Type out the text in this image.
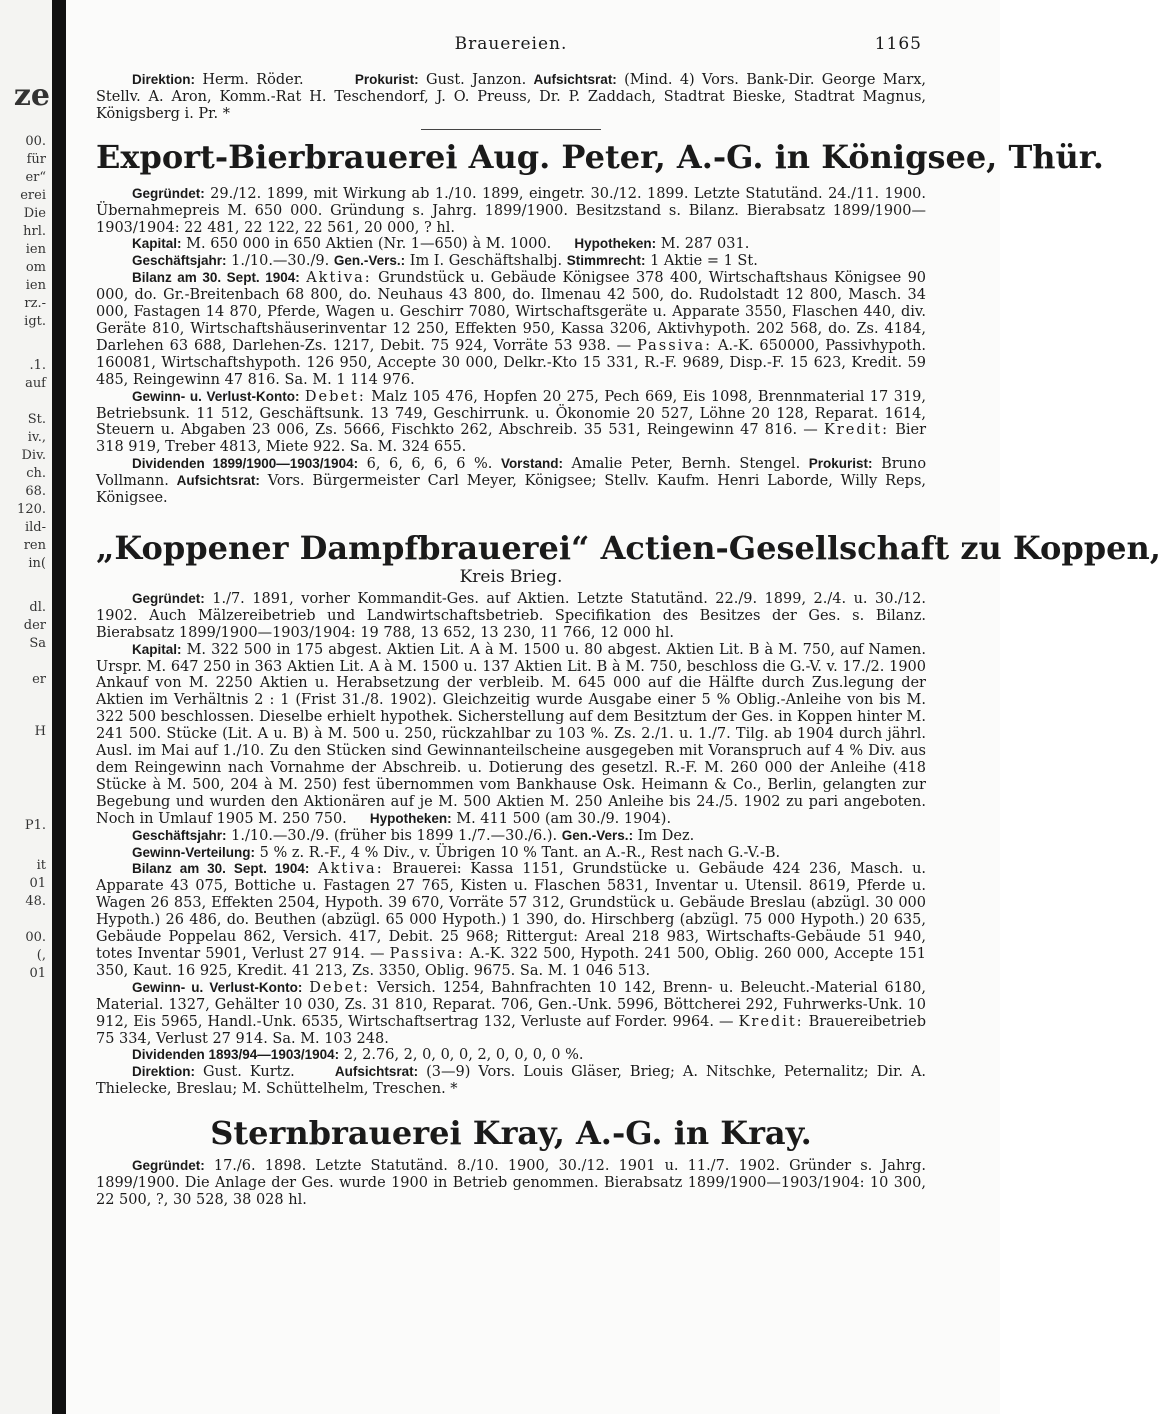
ze
00.
für
er“
erei
Die
hrl.
ien
om
ien
rz.-
igt.
.1.
auf
St.
iv.,
Div.
ch.
68.
120.
ild-
ren
in(
dl.
der
Sa
er
H
P1.
it
01
48.
00.
(,
01
Brauereien.	1165

Direktion: Herm. Röder.	Prokurist: Gust. Janzon. Aufsichtsrat: (Mind. 4) Vors. Bank-Dir. George Marx, Stellv. A. Aron, Komm.-Rat H. Teschendorf, J. O. Preuss, Dr. P. Zaddach, Stadtrat Bieske, Stadtrat Magnus, Königsberg i. Pr. *

Export-Bierbrauerei Aug. Peter, A.-G. in Königsee, Thür.

Gegründet: 29./12. 1899, mit Wirkung ab 1./10. 1899, eingetr. 30./12. 1899. Letzte Statutänd. 24./11. 1900. Übernahmepreis M. 650 000. Gründung s. Jahrg. 1899/1900. Besitzstand s. Bilanz. Bierabsatz 1899/1900—1903/1904: 22 481, 22 122, 22 561, 20 000, ? hl.

Kapital: M. 650 000 in 650 Aktien (Nr. 1—650) à M. 1000. Hypotheken: M. 287 031.

Geschäftsjahr: 1./10.—30./9. Gen.-Vers.: Im I. Geschäftshalbj. Stimmrecht: 1 Aktie = 1 St.

Bilanz am 30. Sept. 1904: Aktiva: Grundstück u. Gebäude Königsee 378 400, Wirtschaftshaus Königsee 90 000, do. Gr.-Breitenbach 68 800, do. Neuhaus 43 800, do. Ilmenau 42 500, do. Rudolstadt 12 800, Masch. 34 000, Fastagen 14 870, Pferde, Wagen u. Geschirr 7080, Wirtschaftsgeräte u. Apparate 3550, Flaschen 440, div. Geräte 810, Wirtschaftshäuserinventar 12 250, Effekten 950, Kassa 3206, Aktivhypoth. 202 568, do. Zs. 4184, Darlehen 63 688, Darlehen-Zs. 1217, Debit. 75 924, Vorräte 53 938. — Passiva: A.-K. 650000, Passivhypoth. 160081, Wirtschaftshypoth. 126 950, Accepte 30 000, Delkr.-Kto 15 331, R.-F. 9689, Disp.-F. 15 623, Kredit. 59 485, Reingewinn 47 816. Sa. M. 1 114 976.

Gewinn- u. Verlust-Konto: Debet: Malz 105 476, Hopfen 20 275, Pech 669, Eis 1098, Brennmaterial 17 319, Betriebsunk. 11 512, Geschäftsunk. 13 749, Geschirrunk. u. Ökonomie 20 527, Löhne 20 128, Reparat. 1614, Steuern u. Abgaben 23 006, Zs. 5666, Fischkto 262, Abschreib. 35 531, Reingewinn 47 816. — Kredit: Bier 318 919, Treber 4813, Miete 922. Sa. M. 324 655.

Dividenden 1899/1900—1903/1904: 6, 6, 6, 6, 6 %. Vorstand: Amalie Peter, Bernh. Stengel. Prokurist: Bruno Vollmann. Aufsichtsrat: Vors. Bürgermeister Carl Meyer, Königsee; Stellv. Kaufm. Henri Laborde, Willy Reps, Königsee.

„Koppener Dampfbrauerei“ Actien-Gesellschaft zu Koppen,

Kreis Brieg.

Gegründet: 1./7. 1891, vorher Kommandit-Ges. auf Aktien. Letzte Statutänd. 22./9. 1899, 2./4. u. 30./12. 1902. Auch Mälzereibetrieb und Landwirtschaftsbetrieb. Specifikation des Besitzes der Ges. s. Bilanz. Bierabsatz 1899/1900—1903/1904: 19 788, 13 652, 13 230, 11 766, 12 000 hl.

Kapital: M. 322 500 in 175 abgest. Aktien Lit. A à M. 1500 u. 80 abgest. Aktien Lit. B à M. 750, auf Namen. Urspr. M. 647 250 in 363 Aktien Lit. A à M. 1500 u. 137 Aktien Lit. B à M. 750, beschloss die G.-V. v. 17./2. 1900 Ankauf von M. 2250 Aktien u. Herabsetzung der verbleib. M. 645 000 auf die Hälfte durch Zus.legung der Aktien im Verhältnis 2 : 1 (Frist 31./8. 1902). Gleichzeitig wurde Ausgabe einer 5 % Oblig.-Anleihe von bis M. 322 500 beschlossen. Dieselbe erhielt hypothek. Sicherstellung auf dem Besitztum der Ges. in Koppen hinter M. 241 500. Stücke (Lit. A u. B) à M. 500 u. 250, rückzahlbar zu 103 %. Zs. 2./1. u. 1./7. Tilg. ab 1904 durch jährl. Ausl. im Mai auf 1./10. Zu den Stücken sind Gewinnanteilscheine ausgegeben mit Voranspruch auf 4 % Div. aus dem Reingewinn nach Vornahme der Abschreib. u. Dotierung des gesetzl. R.-F. M. 260 000 der Anleihe (418 Stücke à M. 500, 204 à M. 250) fest übernommen vom Bankhause Osk. Heimann & Co., Berlin, gelangten zur Begebung und wurden den Aktionären auf je M. 500 Aktien M. 250 Anleihe bis 24./5. 1902 zu pari angeboten. Noch in Umlauf 1905 M. 250 750. Hypotheken: M. 411 500 (am 30./9. 1904).

Geschäftsjahr: 1./10.—30./9. (früher bis 1899 1./7.—30./6.). Gen.-Vers.: Im Dez.

Gewinn-Verteilung: 5 % z. R.-F., 4 % Div., v. Übrigen 10 % Tant. an A.-R., Rest nach G.-V.-B.

Bilanz am 30. Sept. 1904: Aktiva: Brauerei: Kassa 1151, Grundstücke u. Gebäude 424 236, Masch. u. Apparate 43 075, Bottiche u. Fastagen 27 765, Kisten u. Flaschen 5831, Inventar u. Utensil. 8619, Pferde u. Wagen 26 853, Effekten 2504, Hypoth. 39 670, Vorräte 57 312, Grundstück u. Gebäude Breslau (abzügl. 30 000 Hypoth.) 26 486, do. Beuthen (abzügl. 65 000 Hypoth.) 1 390, do. Hirschberg (abzügl. 75 000 Hypoth.) 20 635, Gebäude Poppelau 862, Versich. 417, Debit. 25 968; Rittergut: Areal 218 983, Wirtschafts-Gebäude 51 940, totes Inventar 5901, Verlust 27 914. — Passiva: A.-K. 322 500, Hypoth. 241 500, Oblig. 260 000, Accepte 151 350, Kaut. 16 925, Kredit. 41 213, Zs. 3350, Oblig. 9675. Sa. M. 1 046 513.

Gewinn- u. Verlust-Konto: Debet: Versich. 1254, Bahnfrachten 10 142, Brenn- u. Beleucht.-Material 6180, Material. 1327, Gehälter 10 030, Zs. 31 810, Reparat. 706, Gen.-Unk. 5996, Böttcherei 292, Fuhrwerks-Unk. 10 912, Eis 5965, Handl.-Unk. 6535, Wirtschaftsertrag 132, Verluste auf Forder. 9964. — Kredit: Brauereibetrieb 75 334, Verlust 27 914. Sa. M. 103 248.

Dividenden 1893/94—1903/1904: 2, 2.76, 2, 0, 0, 0, 2, 0, 0, 0, 0 %.

Direktion: Gust. Kurtz.	Aufsichtsrat: (3—9) Vors. Louis Gläser, Brieg; A. Nitschke, Peternalitz; Dir. A. Thielecke, Breslau; M. Schüttelhelm, Treschen. *

Sternbrauerei Kray, A.-G. in Kray.

Gegründet: 17./6. 1898. Letzte Statutänd. 8./10. 1900, 30./12. 1901 u. 11./7. 1902. Gründer s. Jahrg. 1899/1900. Die Anlage der Ges. wurde 1900 in Betrieb genommen. Bierabsatz 1899/1900—1903/1904: 10 300, 22 500, ?, 30 528, 38 028 hl.
